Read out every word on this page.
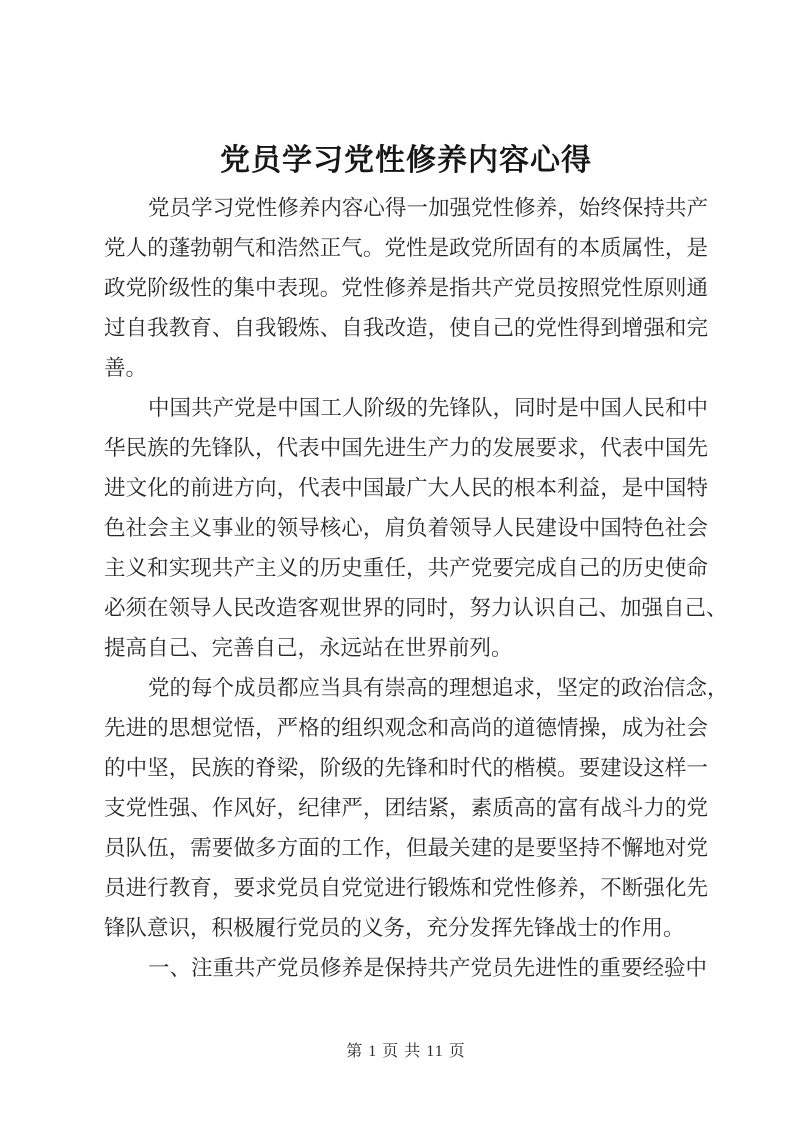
党员学习党性修养内容心得
党员学习党性修养内容心得一加强党性修养，始终保持共产
党人的蓬勃朝气和浩然正气。党性是政党所固有的本质属性，是
政党阶级性的集中表现。党性修养是指共产党员按照党性原则通
过自我教育、自我锻炼、自我改造，使自己的党性得到增强和完
善。
中国共产党是中国工人阶级的先锋队，同时是中国人民和中
华民族的先锋队，代表中国先进生产力的发展要求，代表中国先
进文化的前进方向，代表中国最广大人民的根本利益，是中国特
色社会主义事业的领导核心，肩负着领导人民建设中国特色社会
主义和实现共产主义的历史重任，共产党要完成自己的历史使命
必须在领导人民改造客观世界的同时，努力认识自己、加强自己、
提高自己、完善自己，永远站在世界前列。
党的每个成员都应当具有崇高的理想追求，坚定的政治信念，
先进的思想觉悟，严格的组织观念和高尚的道德情操，成为社会
的中坚，民族的脊梁，阶级的先锋和时代的楷模。要建设这样一
支党性强、作风好，纪律严，团结紧，素质高的富有战斗力的党
员队伍，需要做多方面的工作，但最关建的是要坚持不懈地对党
员进行教育，要求党员自党觉进行锻炼和党性修养，不断强化先
锋队意识，积极履行党员的义务，充分发挥先锋战士的作用。
一、注重共产党员修养是保持共产党员先进性的重要经验中
第 1 页 共 11 页
